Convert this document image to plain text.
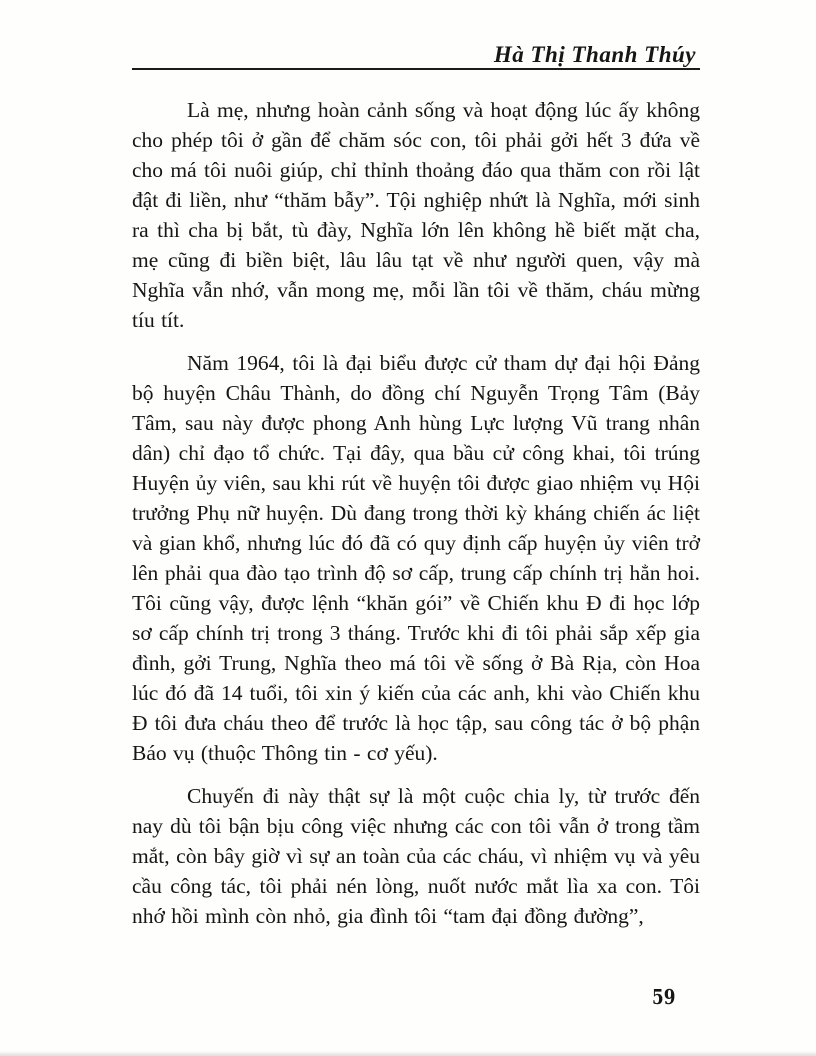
Hà Thị Thanh Thúy

Là mẹ, nhưng hoàn cảnh sống và hoạt động lúc ấy không cho phép tôi ở gần để chăm sóc con, tôi phải gởi hết 3 đứa về cho má tôi nuôi giúp, chỉ thỉnh thoảng đáo qua thăm con rồi lật đật đi liền, như “thăm bẫy”. Tội nghiệp nhứt là Nghĩa, mới sinh ra thì cha bị bắt, tù đày, Nghĩa lớn lên không hề biết mặt cha, mẹ cũng đi biền biệt, lâu lâu tạt về như người quen, vậy mà Nghĩa vẫn nhớ, vẫn mong mẹ, mỗi lần tôi về thăm, cháu mừng tíu tít.

Năm 1964, tôi là đại biểu được cử tham dự đại hội Đảng bộ huyện Châu Thành, do đồng chí Nguyễn Trọng Tâm (Bảy Tâm, sau này được phong Anh hùng Lực lượng Vũ trang nhân dân) chỉ đạo tổ chức. Tại đây, qua bầu cử công khai, tôi trúng Huyện ủy viên, sau khi rút về huyện tôi được giao nhiệm vụ Hội trưởng Phụ nữ huyện. Dù đang trong thời kỳ kháng chiến ác liệt và gian khổ, nhưng lúc đó đã có quy định cấp huyện ủy viên trở lên phải qua đào tạo trình độ sơ cấp, trung cấp chính trị hẳn hoi. Tôi cũng vậy, được lệnh “khăn gói” về Chiến khu Đ đi học lớp sơ cấp chính trị trong 3 tháng. Trước khi đi tôi phải sắp xếp gia đình, gởi Trung, Nghĩa theo má tôi về sống ở Bà Rịa, còn Hoa lúc đó đã 14 tuổi, tôi xin ý kiến của các anh, khi vào Chiến khu Đ tôi đưa cháu theo để trước là học tập, sau công tác ở bộ phận Báo vụ (thuộc Thông tin - cơ yếu).

Chuyến đi này thật sự là một cuộc chia ly, từ trước đến nay dù tôi bận bịu công việc nhưng các con tôi vẫn ở trong tầm mắt, còn bây giờ vì sự an toàn của các cháu, vì nhiệm vụ và yêu cầu công tác, tôi phải nén lòng, nuốt nước mắt lìa xa con. Tôi nhớ hồi mình còn nhỏ, gia đình tôi “tam đại đồng đường”,

59
